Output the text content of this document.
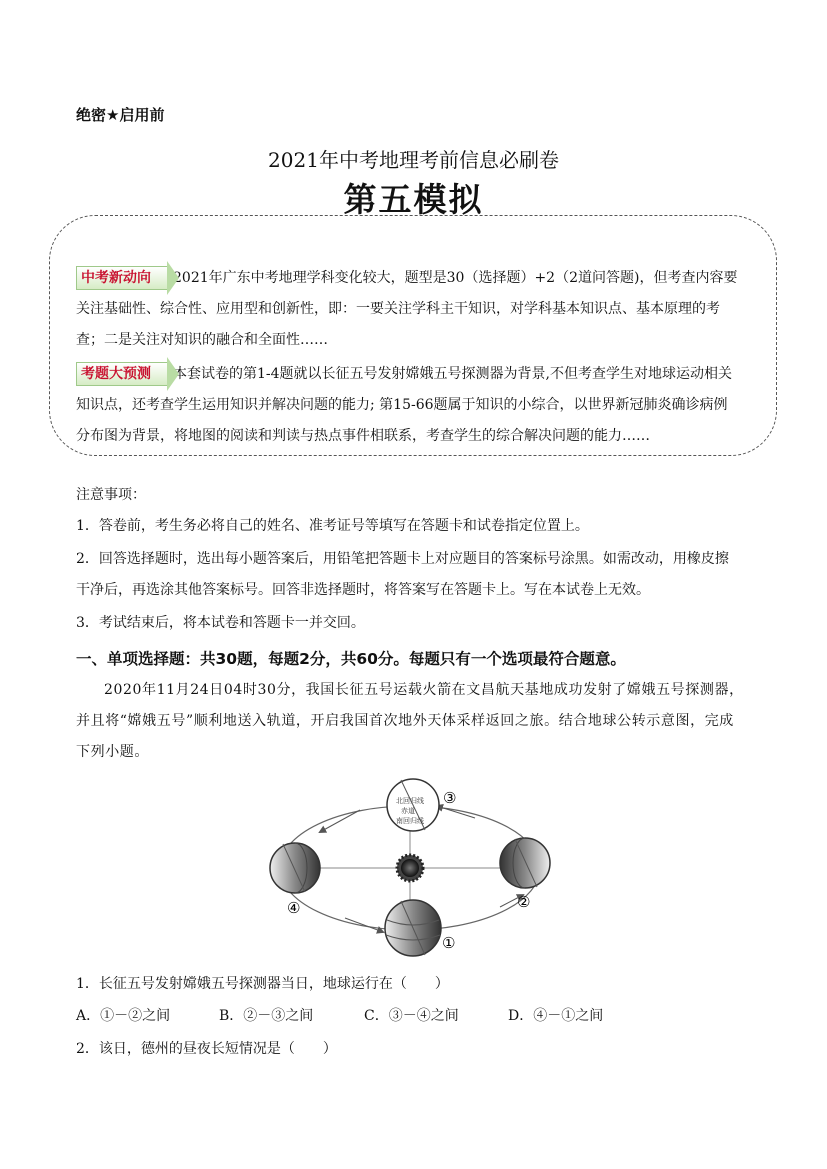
绝密★启用前
2021年中考地理考前信息必刷卷
第五模拟
中考新动向 2021年广东中考地理学科变化较大，题型是30（选择题）+2（2道问答题)，但考查内容要
关注基础性、综合性、应用型和创新性，即：一要关注学科主干知识，对学科基本知识点、基本原理的考
查；二是关注对知识的融合和全面性……
考题大预测 本套试卷的第1-4题就以长征五号发射嫦娥五号探测器为背景,不但考查学生对地球运动相关
知识点，还考查学生运用知识并解决问题的能力; 第15-66题属于知识的小综合，以世界新冠肺炎确诊病例
分布图为背景，将地图的阅读和判读与热点事件相联系，考查学生的综合解决问题的能力……
注意事项：
1．答卷前，考生务必将自己的姓名、准考证号等填写在答题卡和试卷指定位置上。
2．回答选择题时，选出每小题答案后，用铅笔把答题卡上对应题目的答案标号涂黑。如需改动，用橡皮擦
干净后，再选涂其他答案标号。回答非选择题时，将答案写在答题卡上。写在本试卷上无效。
3．考试结束后，将本试卷和答题卡一并交回。
一、单项选择题：共30题，每题2分，共60分。每题只有一个选项最符合题意。
2020年11月24日04时30分，我国长征五号运载火箭在文昌航天基地成功发射了嫦娥五号探测器，
并且将“嫦娥五号”顺利地送入轨道，开启我国首次地外天体采样返回之旅。结合地球公转示意图，完成
下列小题。
北回归线
赤道
南回归线
③
④	②
①
1．长征五号发射嫦娥五号探测器当日，地球运行在（　　）
A．①－②之间	B．②－③之间	C．③－④之间	D．④－①之间
2．该日，德州的昼夜长短情况是（　　）
